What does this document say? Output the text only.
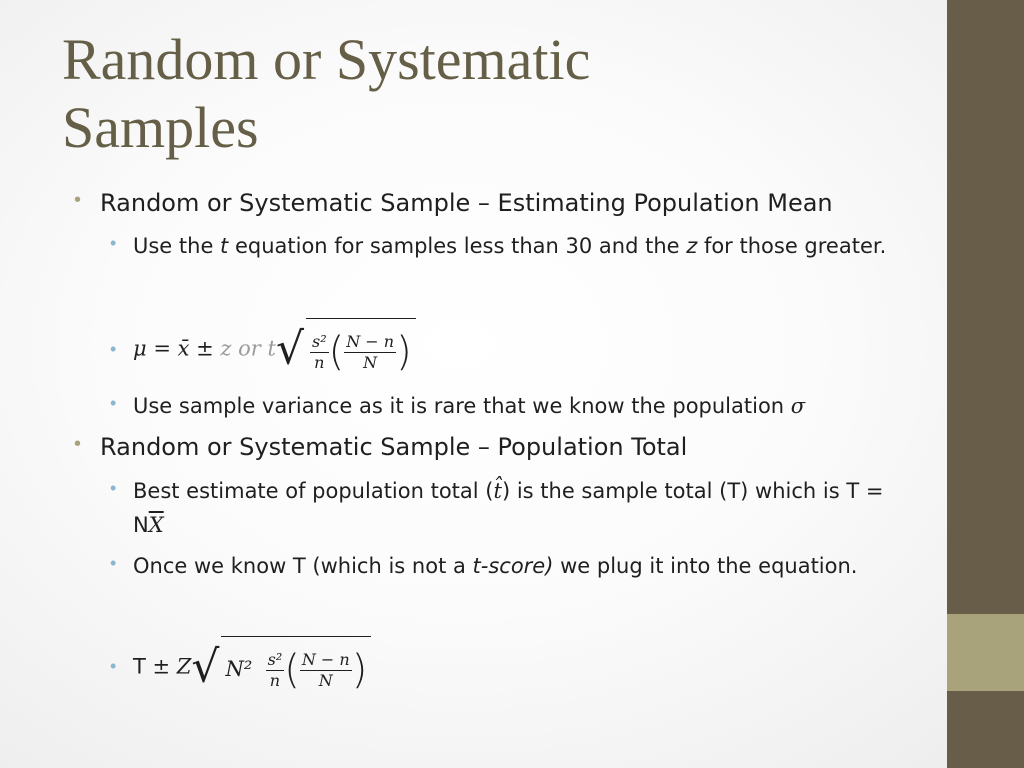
Random or Systematic
Samples
• Random or Systematic Sample – Estimating Population Mean
• Use the t equation for samples less than 30 and the z for those greater.
• μ = x̄ ± z or $t√ \frac{\text{s²}}{n}$ ( $\frac{N - n}{N}$ )
• Use sample variance as it is rare that we know the population σ
• Random or Systematic Sample – Population Total
• Best estimate of population total (t̂) is the sample total (T) which is $T = N\overline{X}$
• Once we know T (which is not a t-score) we plug it into the equation.
• T ± Z√ $N^2 \frac{\text{s²}}{n}$ ( $\frac{N - n}{N}$ )
